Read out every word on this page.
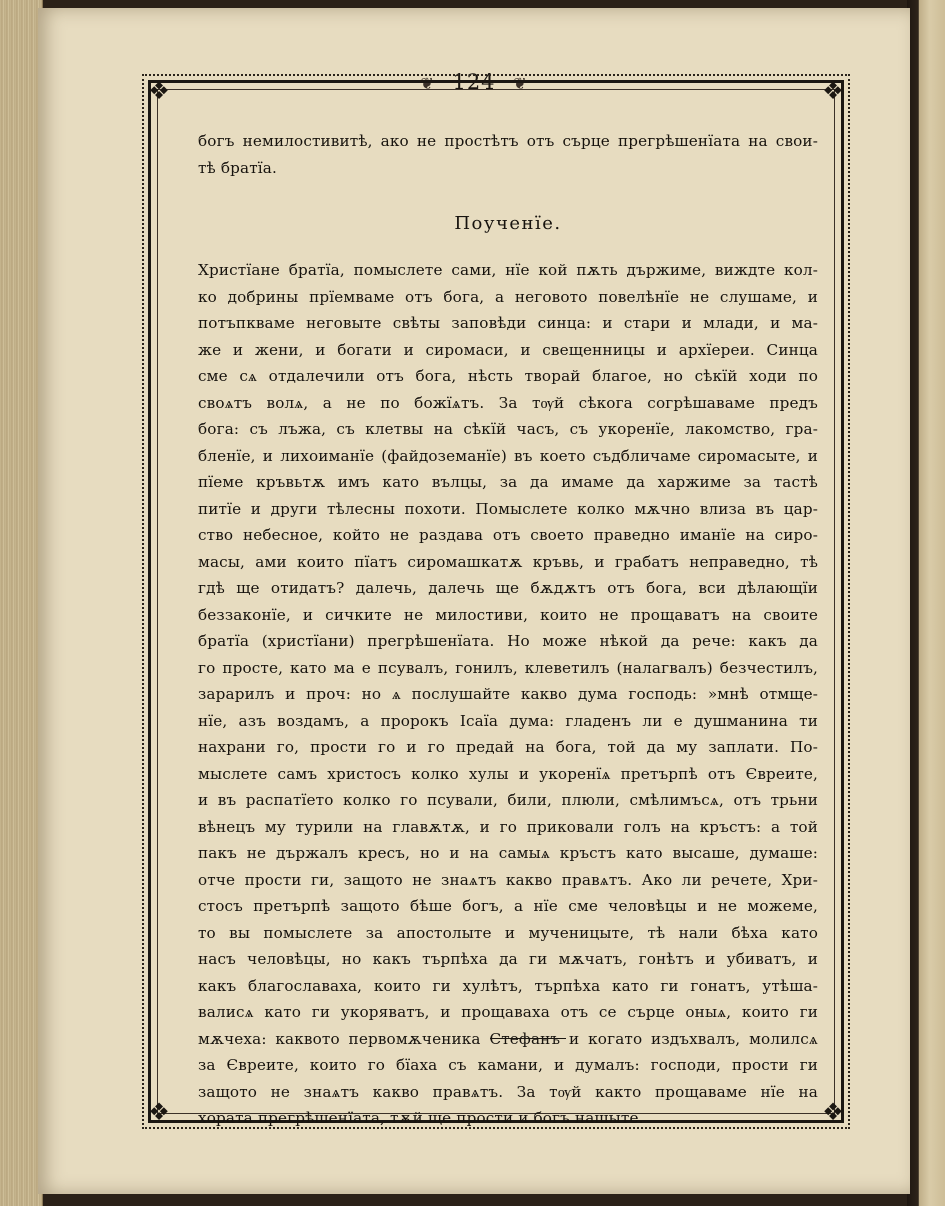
❦ 124 ❦
❖	❖
❖	❖
богъ немилостивитѣ, ако не простѣтъ отъ сърце прегрѣшенїата на свои-
тѣ братїа.
Поученїе.
Христїане братїа, помыслете сами, нїе кой пѫть държиме, виждте кол-
ко добрины прїемваме отъ бога, а неговото повелѣнїе не слушаме, и
потъпкваме неговыте свѣты заповѣди синца: и стари и млади, и ма-
же и жени, и богати и сиромаси, и свещенницы и архїереи. Синца
сме сѧ отдалечили отъ бога, нѣсть творай благое, но сѣкїй ходи по
своѧтъ волѧ, а не по божїѧтъ. За тѹй сѣкога согрѣшаваме предъ
бога: съ лъжа, съ клетвы на сѣкїй часъ, съ укоренїе, лакомство, гра-
бленїе, и лихоиманїе (файдоземанїе) въ което съдбличаме сиромасыте, и
пїеме кръвьтѫ имъ като вълцы, за да имаме да харжиме за тастѣ
питїе и други тѣлесны похоти. Помыслете колко мѫчно влиза въ цар-
ство небесное, който не раздава отъ своето праведно иманїе на сиро-
масы, ами които пїатъ сиромашкатѫ кръвь, и грабатъ неправедно, тѣ
гдѣ ще отидатъ? далечь, далечь ще бѫдѫтъ отъ бога, вси дѣлающїи
беззаконїе, и сичките не милостиви, които не прощаватъ на своите
братїа (христїани) прегрѣшенїата. Но може нѣкой да рече: какъ да
го просте, като ма е псувалъ, гонилъ, клеветилъ (налагвалъ) безчестилъ,
зарарилъ и проч: но ѧ послушайте какво дума господь: »мнѣ отмще-
нїе, азъ воздамъ, а пророкъ Ісаїа дума: гладенъ ли е душманина ти
нахрани го, прости го и го предай на бога, той да му заплати. По-
мыслете самъ христосъ колко хулы и укоренїѧ претърпѣ отъ Євреите,
и въ распатїето колко го псували, били, плюли, смѣлимъсѧ, отъ трьни
вѣнецъ му турили на главѫтѫ, и го приковали голъ на кръстъ: а той
пакъ не държалъ кресъ, но и на самыѧ кръстъ като высаше, думаше:
отче прости ги, защото не знаѧтъ какво правѧтъ. Ако ли речете, Хри-
стосъ претърпѣ защото бѣше богъ, а нїе сме человѣцы и не можеме,
то вы помыслете за апостолыте и мученицыте, тѣ нали бѣха като
насъ человѣцы, но какъ търпѣха да ги мѫчатъ, гонѣтъ и убиватъ, и
какъ благославаха, които ги хулѣтъ, търпѣха като ги гонатъ, утѣша-
валисѧ като ги укоряватъ, и прощаваха отъ се сърце оныѧ, които ги
мѫчеха: каквото первомѫченика Стефанъ и когато издъхвалъ, молилсѧ
за Євреите, които го бїаха съ камани, и думалъ: господи, прости ги
защото не знаѧтъ какво правѧтъ. За тѹй както прощаваме нїе на
хората прегрѣшенїата, тѫй ще прости и богъ нашыте.
